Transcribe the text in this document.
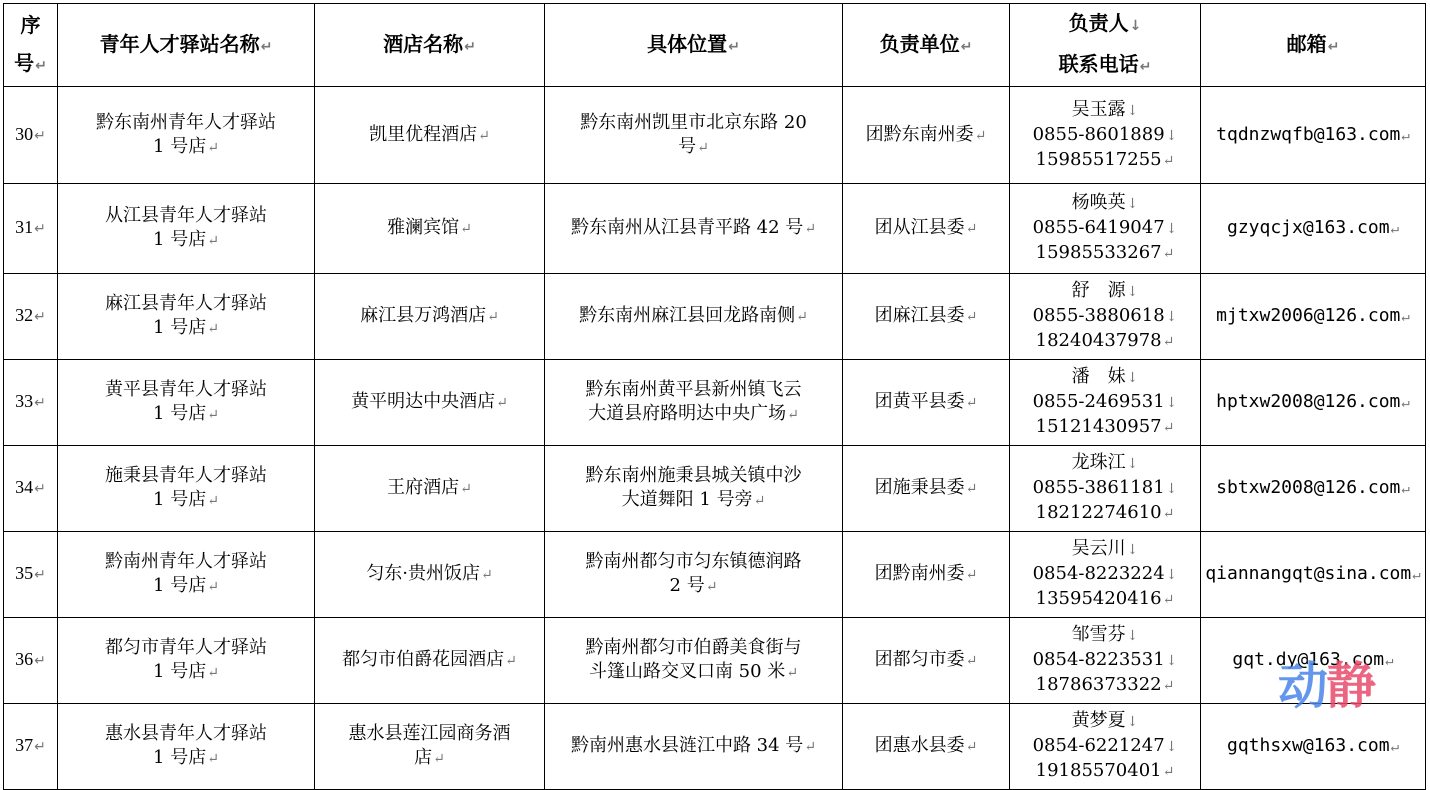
序
号↵	青年人才驿站名称↵	酒店名称↵	具体位置↵	负责单位↵	负责人↓
联系电话↵	邮箱↵
30↵	黔东南州青年人才驿站
1 号店↵	凯里优程酒店↵	黔东南州凯里市北京东路 20
号↵	团黔东南州委↵	吴玉露↓
0855-8601889↓
15985517255↵	tqdnzwqfb@163.com↵
31↵	从江县青年人才驿站
1 号店↵	雅澜宾馆↵	黔东南州从江县青平路 42 号↵	团从江县委↵	杨唤英↓
0855-6419047↓
15985533267↵	gzyqcjx@163.com↵
32↵	麻江县青年人才驿站
1 号店↵	麻江县万鸿酒店↵	黔东南州麻江县回龙路南侧↵	团麻江县委↵	舒　源↓
0855-3880618↓
18240437978↵	mjtxw2006@126.com↵
33↵	黄平县青年人才驿站
1 号店↵	黄平明达中央酒店↵	黔东南州黄平县新州镇飞云
大道县府路明达中央广场↵	团黄平县委↵	潘　妹↓
0855-2469531↓
15121430957↵	hptxw2008@126.com↵
34↵	施秉县青年人才驿站
1 号店↵	王府酒店↵	黔东南州施秉县城关镇中沙
大道舞阳 1 号旁↵	团施秉县委↵	龙珠江↓
0855-3861181↓
18212274610↵	sbtxw2008@126.com↵
35↵	黔南州青年人才驿站
1 号店↵	匀东·贵州饭店↵	黔南州都匀市匀东镇德润路
2 号↵	团黔南州委↵	吴云川↓
0854-8223224↓
13595420416↵	qiannangqt@sina.com↵
36↵	都匀市青年人才驿站
1 号店↵	都匀市伯爵花园酒店↵	黔南州都匀市伯爵美食街与
斗篷山路交叉口南 50 米↵	团都匀市委↵	邹雪芬↓
0854-8223531↓
18786373322↵	gqt.dy@163.com↵
37↵	惠水县青年人才驿站
1 号店↵	惠水县莲江园商务酒
店↵	黔南州惠水县涟江中路 34 号↵	团惠水县委↵	黄梦夏↓
0854-6221247↓
19185570401↵	gqthsxw@163.com↵
动静
